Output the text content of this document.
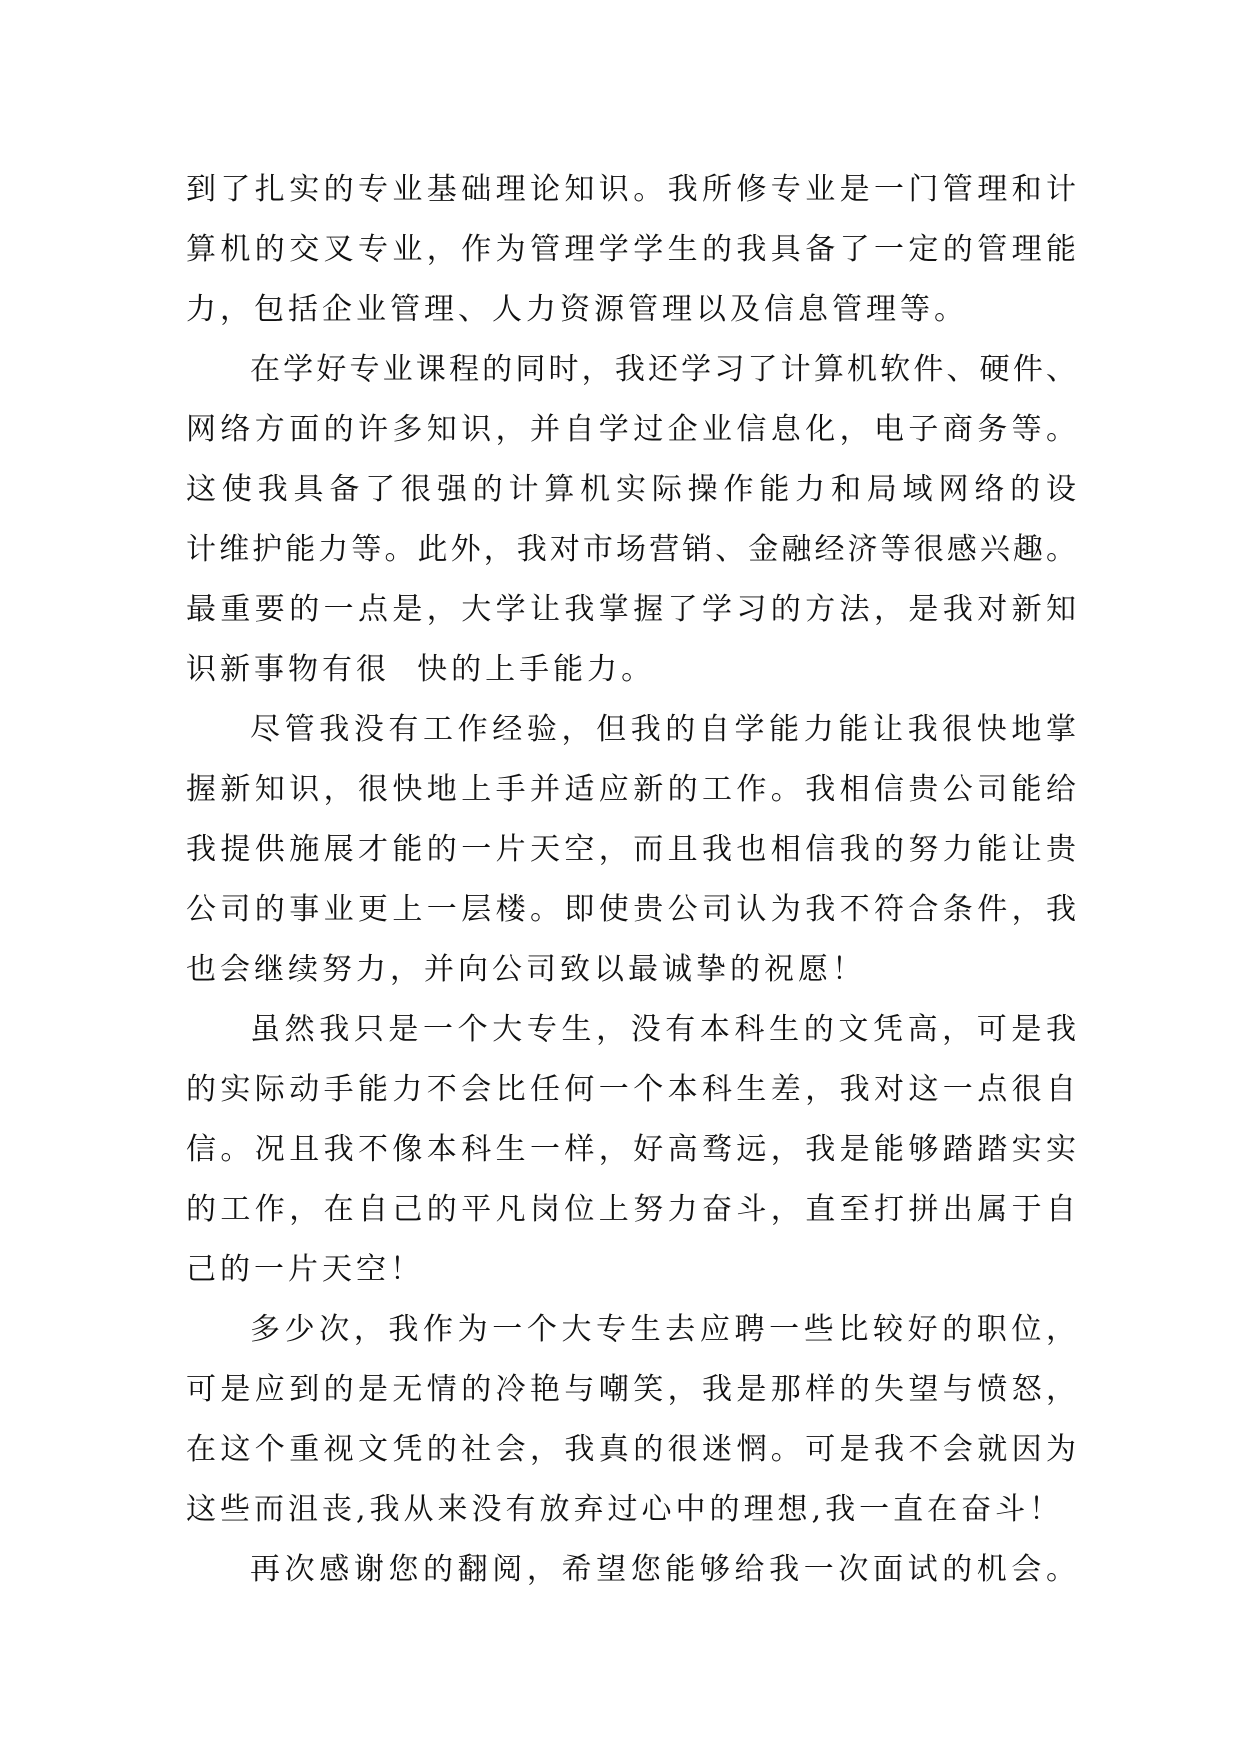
到了扎实的专业基础理论知识。我所修专业是一门管理和计
算机的交叉专业，作为管理学学生的我具备了一定的管理能
力，包括企业管理、人力资源管理以及信息管理等。
在学好专业课程的同时，我还学习了计算机软件、硬件、
网络方面的许多知识，并自学过企业信息化，电子商务等。
这使我具备了很强的计算机实际操作能力和局域网络的设
计维护能力等。此外，我对市场营销、金融经济等很感兴趣。
最重要的一点是，大学让我掌握了学习的方法，是我对新知
识新事物有很  快的上手能力。
尽管我没有工作经验，但我的自学能力能让我很快地掌
握新知识，很快地上手并适应新的工作。我相信贵公司能给
我提供施展才能的一片天空，而且我也相信我的努力能让贵
公司的事业更上一层楼。即使贵公司认为我不符合条件，我
也会继续努力，并向公司致以最诚挚的祝愿！
虽然我只是一个大专生，没有本科生的文凭高，可是我
的实际动手能力不会比任何一个本科生差，我对这一点很自
信。况且我不像本科生一样，好高骛远，我是能够踏踏实实
的工作，在自己的平凡岗位上努力奋斗，直至打拼出属于自
己的一片天空！
多少次，我作为一个大专生去应聘一些比较好的职位，
可是应到的是无情的冷艳与嘲笑，我是那样的失望与愤怒，
在这个重视文凭的社会，我真的很迷惘。可是我不会就因为
这些而沮丧,我从来没有放弃过心中的理想,我一直在奋斗！
再次感谢您的翻阅，希望您能够给我一次面试的机会。
